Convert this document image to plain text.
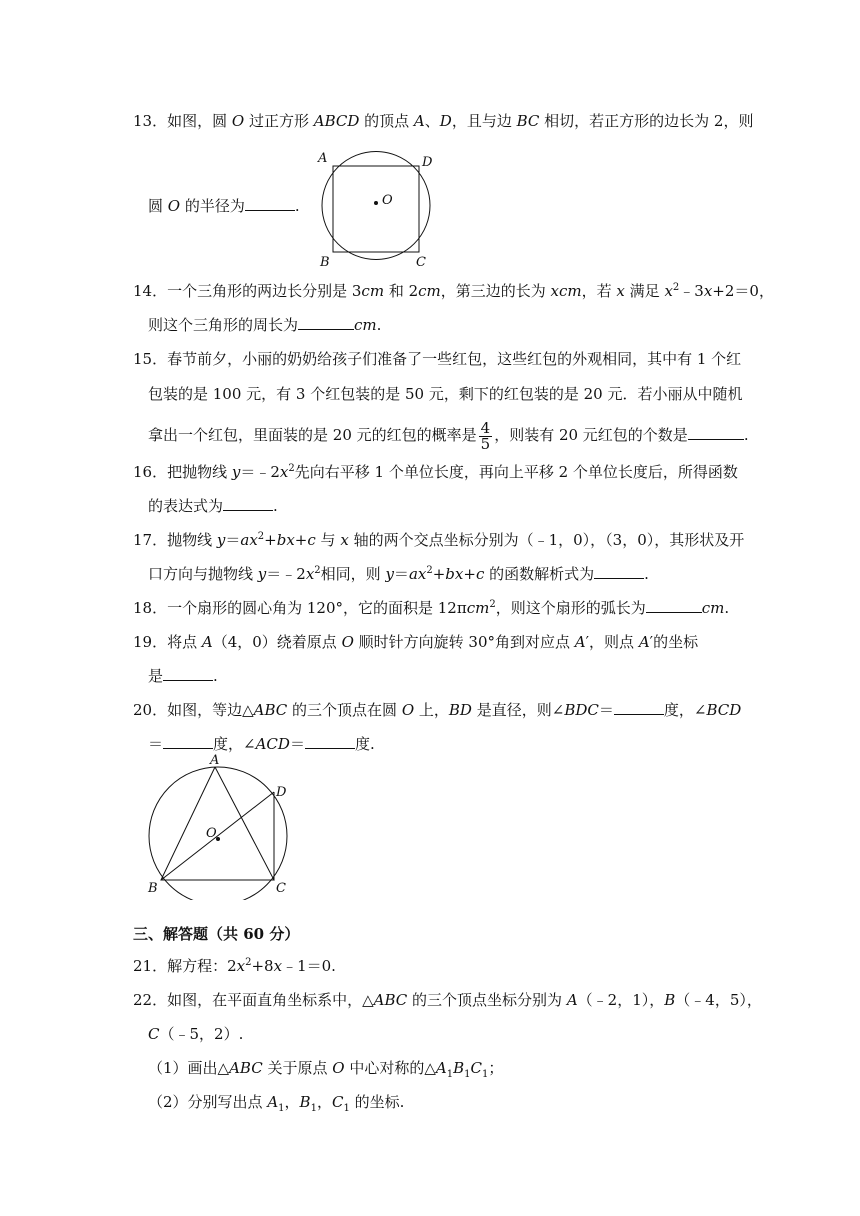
13．如图，圆 O 过正方形 ABCD 的顶点 A、D，且与边 BC 相切，若正方形的边长为 2，则
圆 O 的半径为	.
A	D
O
B	C
14．一个三角形的两边长分别是 3cm 和 2cm，第三边的长为 xcm，若 x 满足 $x^2﹣3x+2=0$，
则这个三角形的周长为	cm.
15．春节前夕，小丽的奶奶给孩子们准备了一些红包，这些红包的外观相同，其中有 1 个红
包装的是 100 元，有 3 个红包装的是 50 元，剩下的红包装的是 20 元．若小丽从中随机
拿出一个红包，里面装的是 20 元的红包的概率是 $\frac{4}{5}$ ，则装有 20 元红包的个数是	.
16．把抛物线 $y=﹣2x^2$先向右平移 1 个单位长度，再向上平移 2 个单位长度后，所得函数
的表达式为	.
17．抛物线 $y=ax^2+bx+c$ 与 x 轴的两个交点坐标分别为（﹣1，0），（3，0），其形状及开
口方向与抛物线 $y=﹣2x^2$相同，则 $y=ax^2+bx+c$ 的函数解析式为	.
18．一个扇形的圆心角为 120°，它的面积是 12πcm$^2$，则这个扇形的弧长为	cm.
19．将点 A（4，0）绕着原点 O 顺时针方向旋转 30°角到对应点 A′，则点 A′的坐标
是	.
20．如图，等边△ABC 的三个顶点在圆 O 上，BD 是直径，则∠BDC＝	度，∠BCD
＝	度，∠ACD＝	度.
A
D
O
B	C
三、解答题（共 60 分）
21．解方程：$2x^2+8x﹣1=0$.
22．如图，在平面直角坐标系中，△ABC 的三个顶点坐标分别为 A（﹣2，1），B（﹣4，5），
C（﹣5，2）.
（1）画出△ABC 关于原点 O 中心对称的$\triangle A_1B_1C_1$；
（2）分别写出点 $A_1$，$B_1$，$C_1$ 的坐标.
